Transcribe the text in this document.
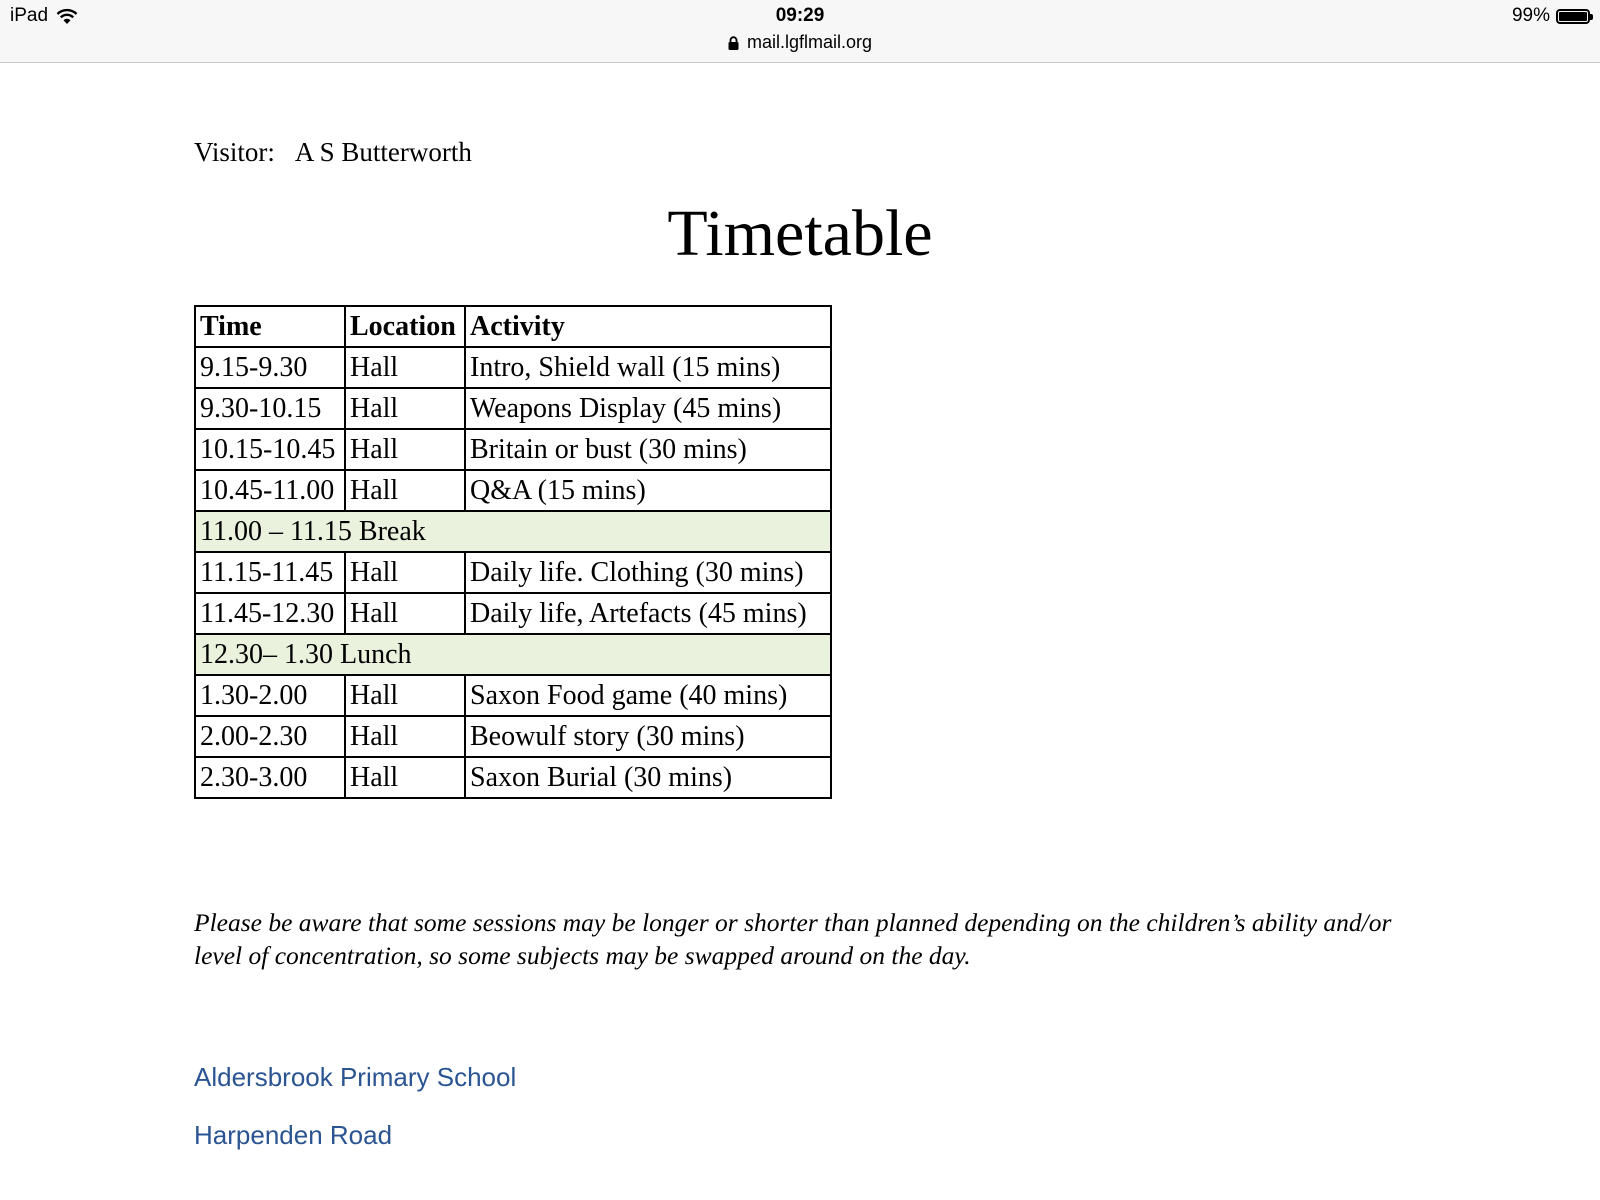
iPad	09:29
mail.lgflmail.org
99%
Visitor: A S Butterworth
Timetable
Time	Location	Activity
9.15-9.30	Hall	Intro, Shield wall (15 mins)
9.30-10.15	Hall	Weapons Display (45 mins)
10.15-10.45	Hall	Britain or bust (30 mins)
10.45-11.00	Hall	Q&A (15 mins)
11.00 – 11.15 Break		
11.15-11.45	Hall	Daily life. Clothing (30 mins)
11.45-12.30	Hall	Daily life, Artefacts (45 mins)
12.30– 1.30 Lunch		
1.30-2.00	Hall	Saxon Food game (40 mins)
2.00-2.30	Hall	Beowulf story (30 mins)
2.30-3.00	Hall	Saxon Burial (30 mins)
Please be aware that some sessions may be longer or shorter than planned depending on the children’s ability and/or level of concentration, so some subjects may be swapped around on the day.
Aldersbrook Primary School
Harpenden Road
